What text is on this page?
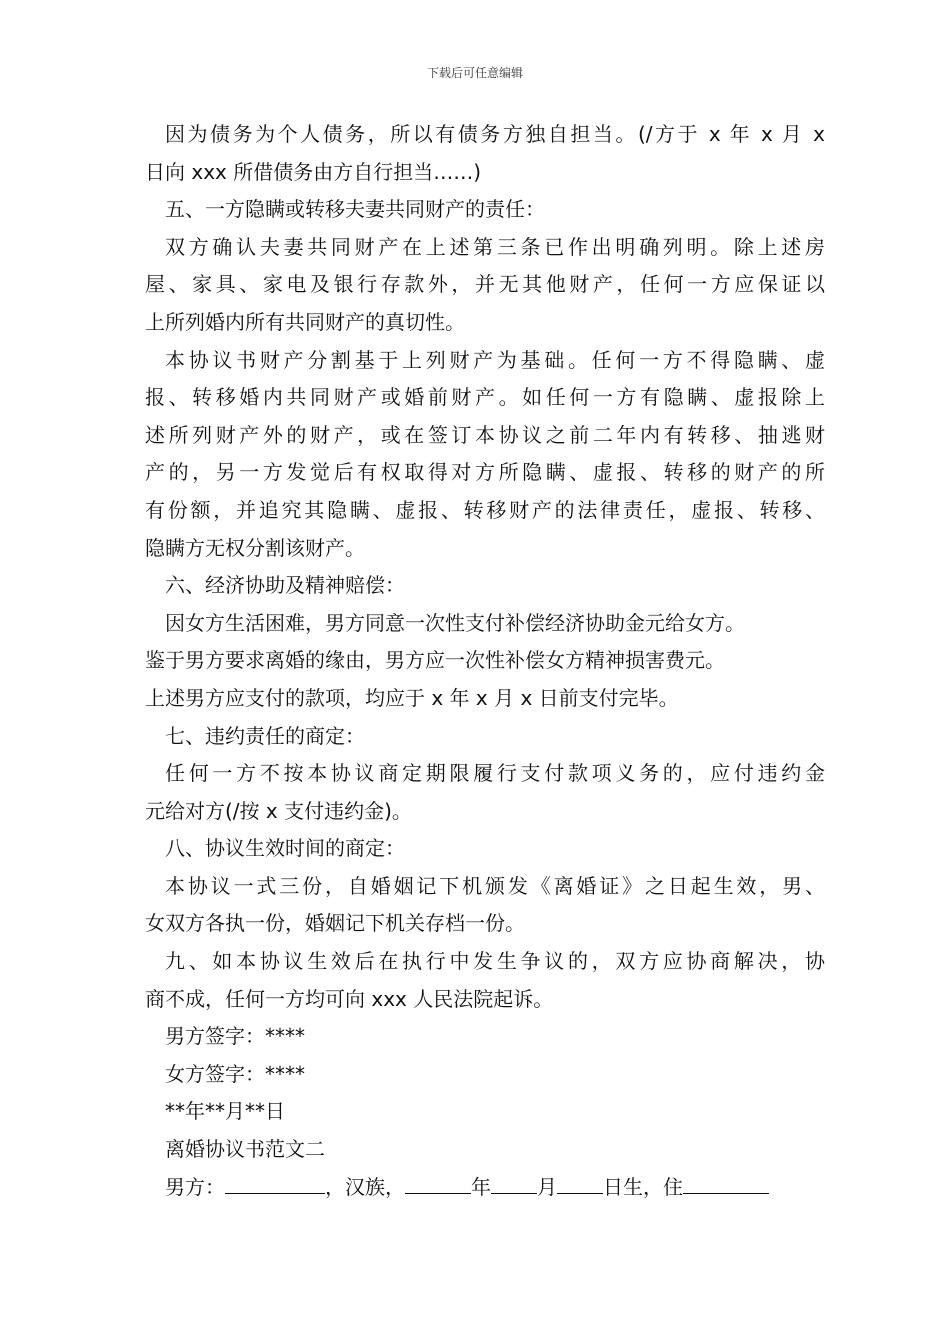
下载后可任意编辑
因为债务为个人债务，所以有债务方独自担当。(/方于 x 年 x 月 x
日向 xxx 所借债务由方自行担当……)
五、一方隐瞒或转移夫妻共同财产的责任：
双方确认夫妻共同财产在上述第三条已作出明确列明。除上述房
屋、家具、家电及银行存款外，并无其他财产，任何一方应保证以
上所列婚内所有共同财产的真切性。
本协议书财产分割基于上列财产为基础。任何一方不得隐瞒、虚
报、转移婚内共同财产或婚前财产。如任何一方有隐瞒、虚报除上
述所列财产外的财产，或在签订本协议之前二年内有转移、抽逃财
产的，另一方发觉后有权取得对方所隐瞒、虚报、转移的财产的所
有份额，并追究其隐瞒、虚报、转移财产的法律责任，虚报、转移、
隐瞒方无权分割该财产。
六、经济协助及精神赔偿：
因女方生活困难，男方同意一次性支付补偿经济协助金元给女方。
鉴于男方要求离婚的缘由，男方应一次性补偿女方精神损害费元。
上述男方应支付的款项，均应于 x 年 x 月 x 日前支付完毕。
七、违约责任的商定：
任何一方不按本协议商定期限履行支付款项义务的，应付违约金
元给对方(/按 x 支付违约金)。
八、协议生效时间的商定：
本协议一式三份，自婚姻记下机颁发《离婚证》之日起生效，男、
女双方各执一份，婚姻记下机关存档一份。
九、如本协议生效后在执行中发生争议的，双方应协商解决，协
商不成，任何一方均可向 xxx 人民法院起诉。
男方签字：****
女方签字：****
**年**月**日
离婚协议书范文二
男方：	，汉族，	年 月 日生，住
